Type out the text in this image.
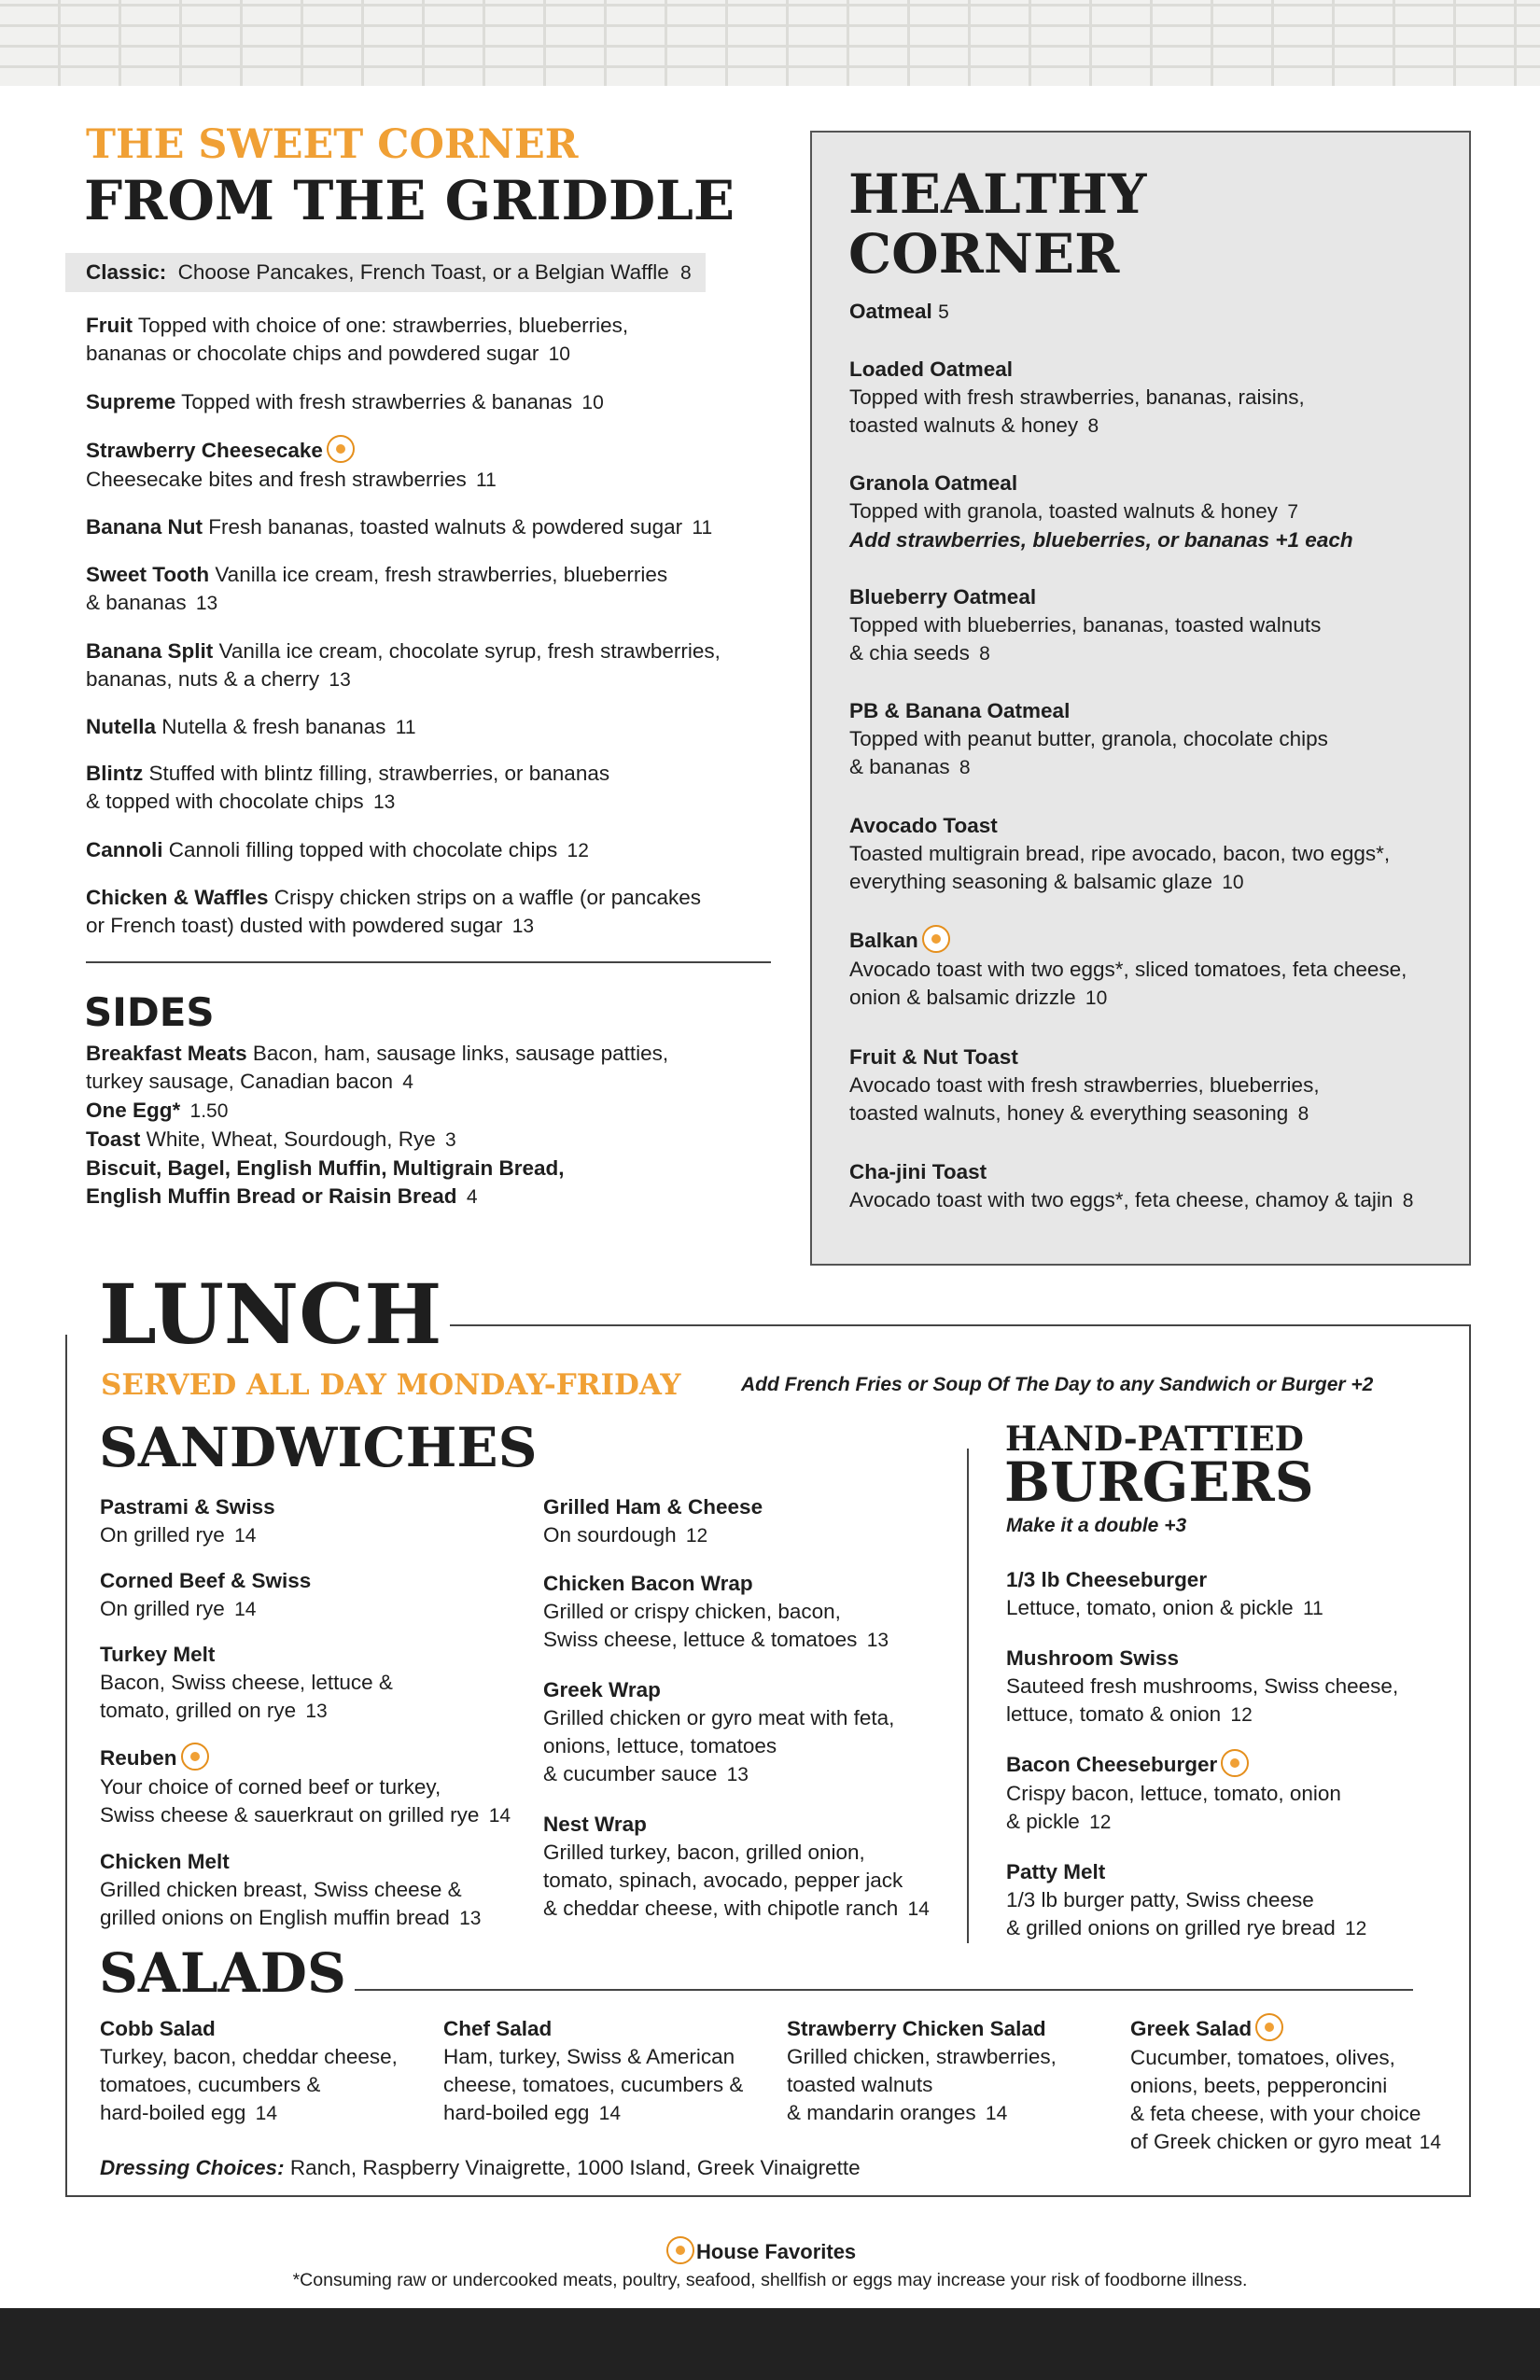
THE SWEET CORNER
FROM THE GRIDDLE
Classic: Choose Pancakes, French Toast, or a Belgian Waffle 8
Fruit Topped with choice of one: strawberries, blueberries,
bananas or chocolate chips and powdered sugar 10
Supreme Topped with fresh strawberries & bananas 10
Strawberry Cheesecake
Cheesecake bites and fresh strawberries 11
Banana Nut Fresh bananas, toasted walnuts & powdered sugar 11
Sweet Tooth Vanilla ice cream, fresh strawberries, blueberries
& bananas 13
Banana Split Vanilla ice cream, chocolate syrup, fresh strawberries,
bananas, nuts & a cherry 13
Nutella Nutella & fresh bananas 11
Blintz Stuffed with blintz filling, strawberries, or bananas
& topped with chocolate chips 13
Cannoli Cannoli filling topped with chocolate chips 12
Chicken & Waffles Crispy chicken strips on a waffle (or pancakes
or French toast) dusted with powdered sugar 13
SIDES
Breakfast Meats Bacon, ham, sausage links, sausage patties,
turkey sausage, Canadian bacon 4
One Egg* 1.50
Toast White, Wheat, Sourdough, Rye 3
Biscuit, Bagel, English Muffin, Multigrain Bread,
English Muffin Bread or Raisin Bread 4
HEALTHY
CORNER
Oatmeal 5
Loaded Oatmeal
Topped with fresh strawberries, bananas, raisins,
toasted walnuts & honey 8
Granola Oatmeal
Topped with granola, toasted walnuts & honey 7
Add strawberries, blueberries, or bananas +1 each
Blueberry Oatmeal
Topped with blueberries, bananas, toasted walnuts
& chia seeds 8
PB & Banana Oatmeal
Topped with peanut butter, granola, chocolate chips
& bananas 8
Avocado Toast
Toasted multigrain bread, ripe avocado, bacon, two eggs*,
everything seasoning & balsamic glaze 10
Balkan
Avocado toast with two eggs*, sliced tomatoes, feta cheese,
onion & balsamic drizzle 10
Fruit & Nut Toast
Avocado toast with fresh strawberries, blueberries,
toasted walnuts, honey & everything seasoning 8
Cha-jini Toast
Avocado toast with two eggs*, feta cheese, chamoy & tajin 8
LUNCH
SERVED ALL DAY MONDAY-FRIDAY	Add French Fries or Soup Of The Day to any Sandwich or Burger +2
SANDWICHES
Pastrami & Swiss
On grilled rye 14
Corned Beef & Swiss
On grilled rye 14
Turkey Melt
Bacon, Swiss cheese, lettuce &
tomato, grilled on rye 13
Reuben
Your choice of corned beef or turkey,
Swiss cheese & sauerkraut on grilled rye 14
Chicken Melt
Grilled chicken breast, Swiss cheese &
grilled onions on English muffin bread 13
Grilled Ham & Cheese
On sourdough 12
Chicken Bacon Wrap
Grilled or crispy chicken, bacon,
Swiss cheese, lettuce & tomatoes 13
Greek Wrap
Grilled chicken or gyro meat with feta,
onions, lettuce, tomatoes
& cucumber sauce 13
Nest Wrap
Grilled turkey, bacon, grilled onion,
tomato, spinach, avocado, pepper jack
& cheddar cheese, with chipotle ranch 14
HAND-PATTIED
BURGERS
Make it a double +3
1/3 lb Cheeseburger
Lettuce, tomato, onion & pickle 11
Mushroom Swiss
Sauteed fresh mushrooms, Swiss cheese,
lettuce, tomato & onion 12
Bacon Cheeseburger
Crispy bacon, lettuce, tomato, onion
& pickle 12
Patty Melt
1/3 lb burger patty, Swiss cheese
& grilled onions on grilled rye bread 12
SALADS
Cobb Salad
Turkey, bacon, cheddar cheese,
tomatoes, cucumbers &
hard-boiled egg 14
Chef Salad
Ham, turkey, Swiss & American
cheese, tomatoes, cucumbers &
hard-boiled egg 14
Strawberry Chicken Salad
Grilled chicken, strawberries,
toasted walnuts
& mandarin oranges 14
Greek Salad
Cucumber, tomatoes, olives,
onions, beets, pepperoncini
& feta cheese, with your choice
of Greek chicken or gyro meat 14
Dressing Choices: Ranch, Raspberry Vinaigrette, 1000 Island, Greek Vinaigrette
House Favorites
*Consuming raw or undercooked meats, poultry, seafood, shellfish or eggs may increase your risk of foodborne illness.
